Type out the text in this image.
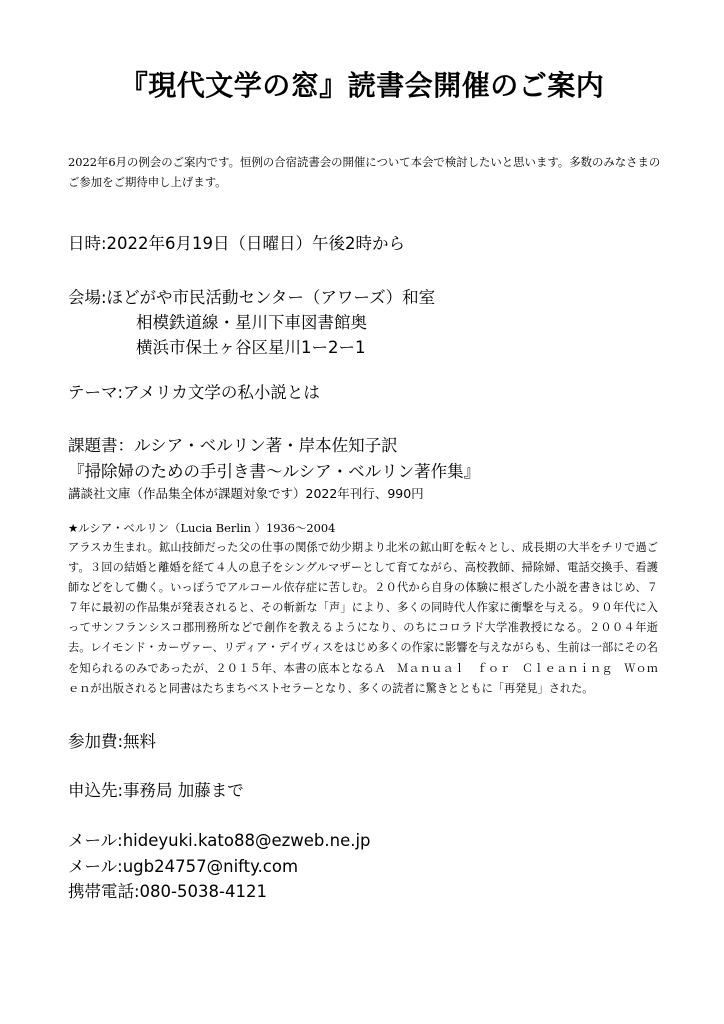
『現代文学の窓』読書会開催のご案内
2022年6月の例会のご案内です。恒例の合宿読書会の開催について本会で検討したいと思います。多数のみなさまのご参加をご期待申し上げます。
日時:2022年6月19日（日曜日）午後2時から
会場:ほどがや市民活動センター（アワーズ）和室
相模鉄道線・星川下車図書館奥
横浜市保土ヶ谷区星川1ー2ー1
テーマ:アメリカ文学の私小説とは
課題書：ルシア・ベルリン著・岸本佐知子訳
『掃除婦のための手引き書〜ルシア・ベルリン著作集』
講談社文庫（作品集全体が課題対象です）2022年刊行、990円
★ルシア・ベルリン（Lucia Berlin ）1936〜2004
アラスカ生まれ。鉱山技師だった父の仕事の関係で幼少期より北米の鉱山町を転々とし、成長期の大半をチリで過ごす。３回の結婚と離婚を経て４人の息子をシングルマザーとして育てながら、高校教師、掃除婦、電話交換手、看護師などをして働く。いっぽうでアルコール依存症に苦しむ。２０代から自身の体験に根ざした小説を書きはじめ、７７年に最初の作品集が発表されると、その斬新な「声」により、多くの同時代人作家に衝撃を与える。９０年代に入ってサンフランシスコ郡刑務所などで創作を教えるようになり、のちにコロラド大学准教授になる。２００４年逝去。レイモンド・カーヴァー、リディア・デイヴィスをはじめ多くの作家に影響を与えながらも、生前は一部にその名を知られるのみであったが、２０１５年、本書の底本となるＡ　Ｍａｎｕａｌ　ｆｏｒ　Ｃｌｅａｎｉｎｇ　Ｗｏｍｅｎが出版されると同書はたちまちベストセラーとなり、多くの読者に驚きとともに「再発見」された。
参加費:無料
申込先:事務局 加藤まで
メール:hideyuki.kato88@ezweb.ne.jp
メール:ugb24757@nifty.com
携帯電話:080-5038-4121
